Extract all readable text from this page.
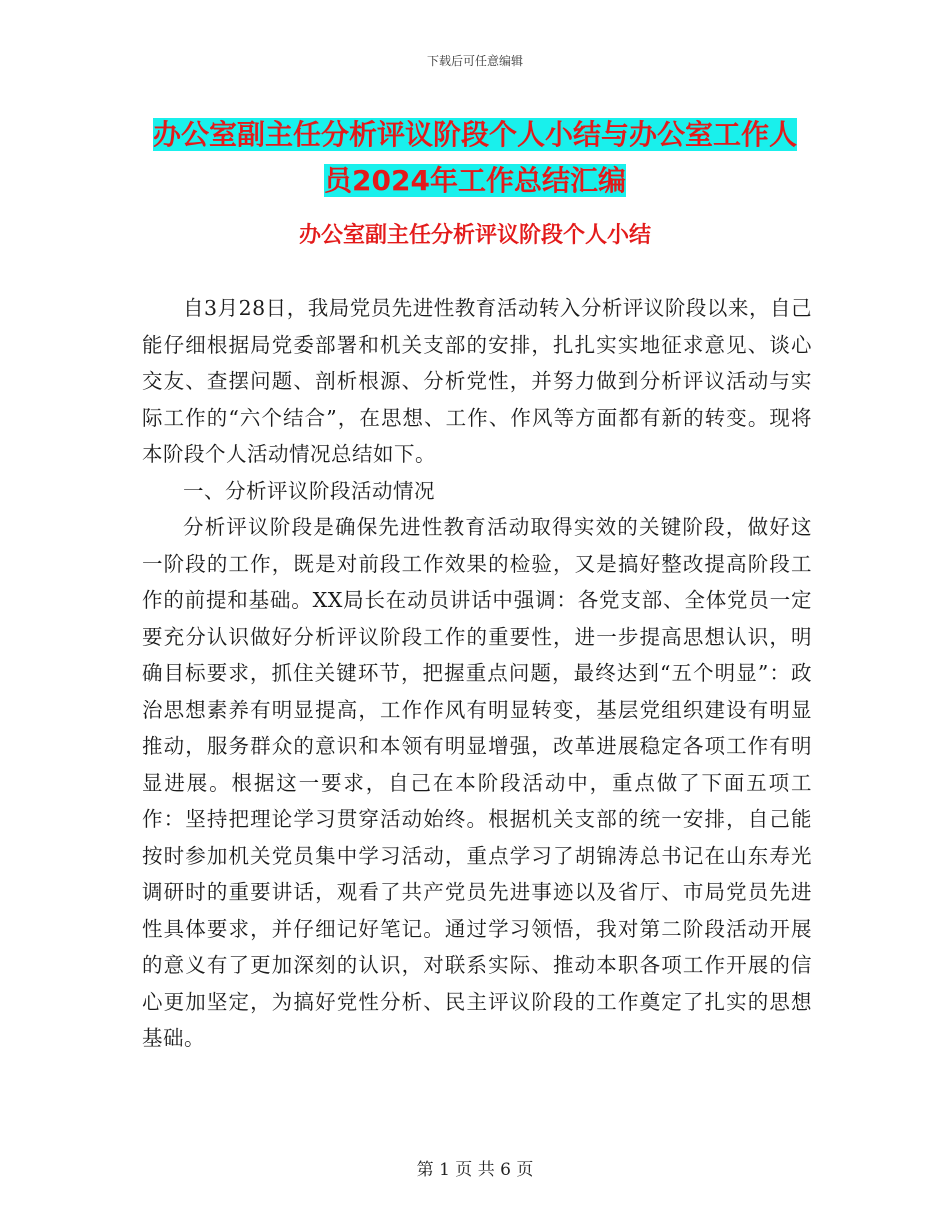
下载后可任意编辑
办公室副主任分析评议阶段个人小结与办公室工作人
员2024年工作总结汇编
办公室副主任分析评议阶段个人小结

自3月28日，我局党员先进性教育活动转入分析评议阶段以来，自己能仔细根据局党委部署和机关支部的安排，扎扎实实地征求意见、谈心交友、查摆问题、剖析根源、分析党性，并努力做到分析评议活动与实际工作的“六个结合”，在思想、工作、作风等方面都有新的转变。现将本阶段个人活动情况总结如下。

一、分析评议阶段活动情况

分析评议阶段是确保先进性教育活动取得实效的关键阶段，做好这一阶段的工作，既是对前段工作效果的检验，又是搞好整改提高阶段工作的前提和基础。XX局长在动员讲话中强调：各党支部、全体党员一定要充分认识做好分析评议阶段工作的重要性，进一步提高思想认识，明确目标要求，抓住关键环节，把握重点问题，最终达到“五个明显”：政治思想素养有明显提高，工作作风有明显转变，基层党组织建设有明显推动，服务群众的意识和本领有明显增强，改革进展稳定各项工作有明显进展。根据这一要求，自己在本阶段活动中，重点做了下面五项工作：坚持把理论学习贯穿活动始终。根据机关支部的统一安排，自己能按时参加机关党员集中学习活动，重点学习了胡锦涛总书记在山东寿光调研时的重要讲话，观看了共产党员先进事迹以及省厅、市局党员先进性具体要求，并仔细记好笔记。通过学习领悟，我对第二阶段活动开展的意义有了更加深刻的认识，对联系实际、推动本职各项工作开展的信心更加坚定，为搞好党性分析、民主评议阶段的工作奠定了扎实的思想基础。

第 1 页 共 6 页
